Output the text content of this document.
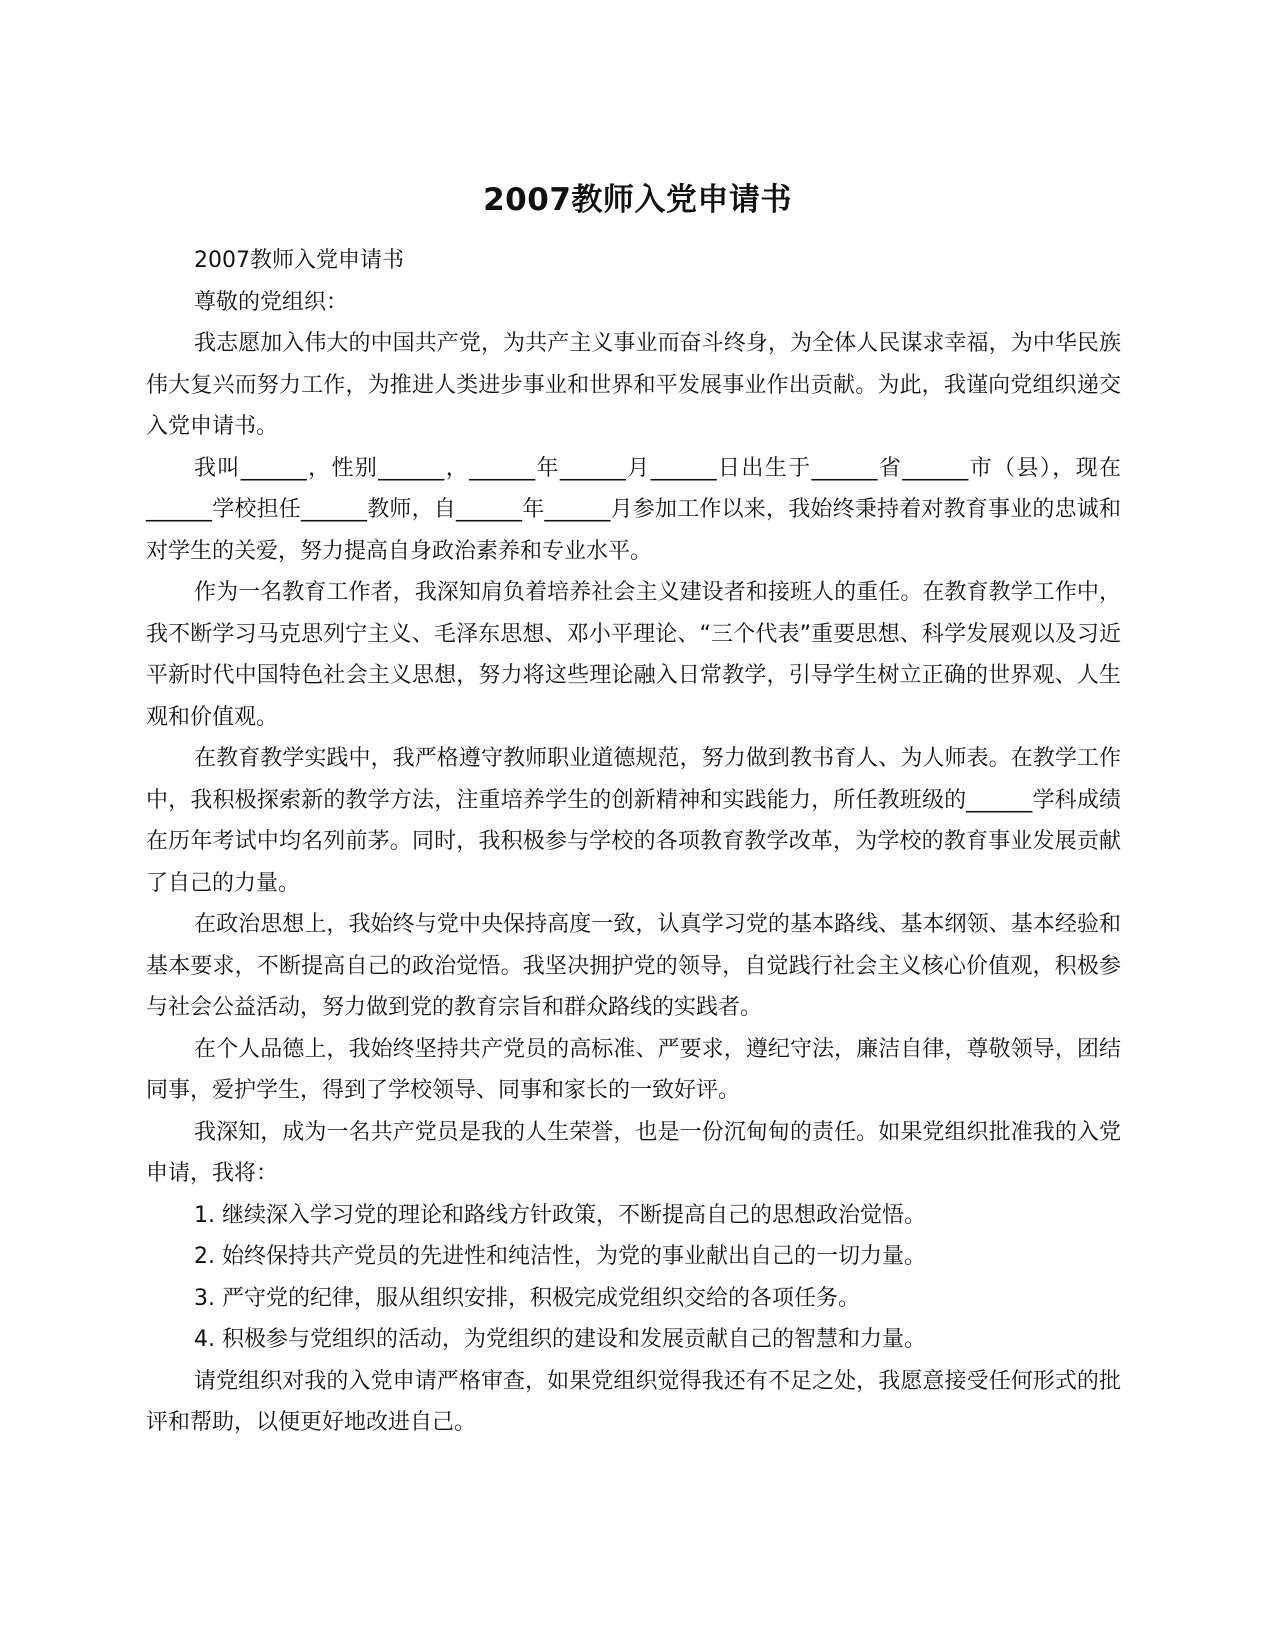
2007教师入党申请书

2007教师入党申请书

尊敬的党组织：

我志愿加入伟大的中国共产党，为共产主义事业而奋斗终身，为全体人民谋求幸福，为中华民族伟大复兴而努力工作，为推进人类进步事业和世界和平发展事业作出贡献。为此，我谨向党组织递交入党申请书。

我叫______，性别______，______年______月______日出生于______省______市（县），现在______学校担任______教师，自______年______月参加工作以来，我始终秉持着对教育事业的忠诚和对学生的关爱，努力提高自身政治素养和专业水平。

作为一名教育工作者，我深知肩负着培养社会主义建设者和接班人的重任。在教育教学工作中，我不断学习马克思列宁主义、毛泽东思想、邓小平理论、“三个代表”重要思想、科学发展观以及习近平新时代中国特色社会主义思想，努力将这些理论融入日常教学，引导学生树立正确的世界观、人生观和价值观。

在教育教学实践中，我严格遵守教师职业道德规范，努力做到教书育人、为人师表。在教学工作中，我积极探索新的教学方法，注重培养学生的创新精神和实践能力，所任教班级的______学科成绩在历年考试中均名列前茅。同时，我积极参与学校的各项教育教学改革，为学校的教育事业发展贡献了自己的力量。

在政治思想上，我始终与党中央保持高度一致，认真学习党的基本路线、基本纲领、基本经验和基本要求，不断提高自己的政治觉悟。我坚决拥护党的领导，自觉践行社会主义核心价值观，积极参与社会公益活动，努力做到党的教育宗旨和群众路线的实践者。

在个人品德上，我始终坚持共产党员的高标准、严要求，遵纪守法，廉洁自律，尊敬领导，团结同事，爱护学生，得到了学校领导、同事和家长的一致好评。

我深知，成为一名共产党员是我的人生荣誉，也是一份沉甸甸的责任。如果党组织批准我的入党申请，我将：

1. 继续深入学习党的理论和路线方针政策，不断提高自己的思想政治觉悟。

2. 始终保持共产党员的先进性和纯洁性，为党的事业献出自己的一切力量。

3. 严守党的纪律，服从组织安排，积极完成党组织交给的各项任务。

4. 积极参与党组织的活动，为党组织的建设和发展贡献自己的智慧和力量。

请党组织对我的入党申请严格审查，如果党组织觉得我还有不足之处，我愿意接受任何形式的批评和帮助，以便更好地改进自己。
